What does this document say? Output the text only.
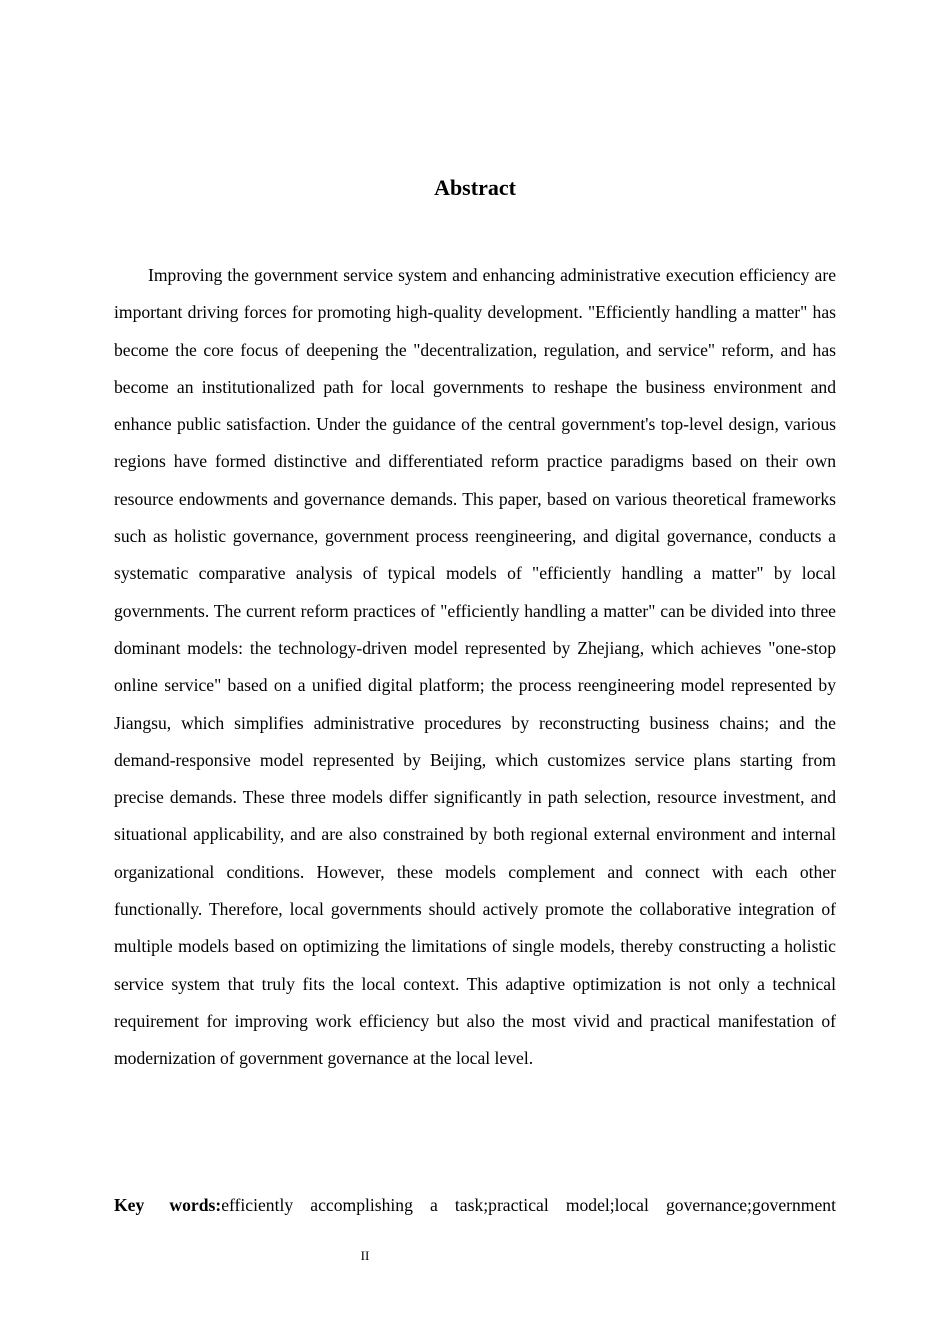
Abstract

Improving the government service system and enhancing administrative execution efficiency are important driving forces for promoting high-quality development. "Efficiently handling a matter" has become the core focus of deepening the "decentralization, regulation, and service" reform, and has become an institutionalized path for local governments to reshape the business environment and enhance public satisfaction. Under the guidance of the central government's top-level design, various regions have formed distinctive and differentiated reform practice paradigms based on their own resource endowments and governance demands. This paper, based on various theoretical frameworks such as holistic governance, government process reengineering, and digital governance, conducts a systematic comparative analysis of typical models of "efficiently handling a matter" by local governments. The current reform practices of "efficiently handling a matter" can be divided into three dominant models: the technology-driven model represented by Zhejiang, which achieves "one-stop online service" based on a unified digital platform; the process reengineering model represented by Jiangsu, which simplifies administrative procedures by reconstructing business chains; and the demand-responsive model represented by Beijing, which customizes service plans starting from precise demands. These three models differ significantly in path selection, resource investment, and situational applicability, and are also constrained by both regional external environment and internal organizational conditions. However, these models complement and connect with each other functionally. Therefore, local governments should actively promote the collaborative integration of multiple models based on optimizing the limitations of single models, thereby constructing a holistic service system that truly fits the local context. This adaptive optimization is not only a technical requirement for improving work efficiency but also the most vivid and practical manifestation of modernization of government governance at the local level.

Key words:efficiently accomplishing a task;practical model;local governance;government

II
